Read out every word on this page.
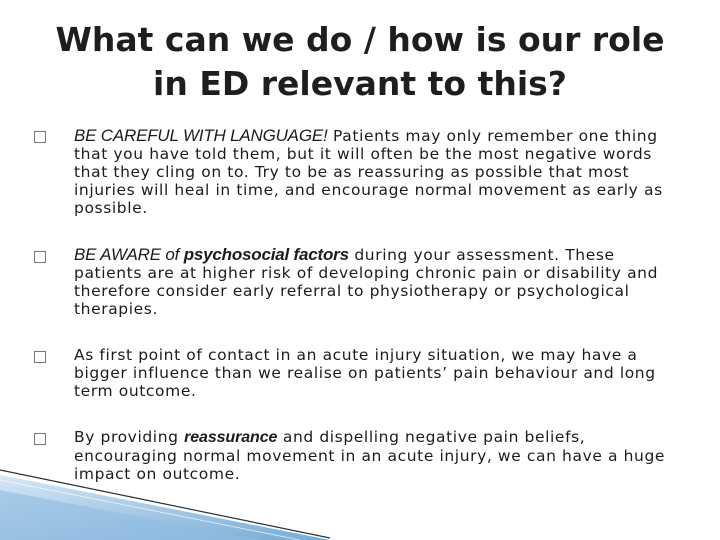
What can we do / how is our role
in ED relevant to this?
BE CAREFUL WITH LANGUAGE! Patients may only remember one thing that you have told them, but it will often be the most negative words that they cling on to. Try to be as reassuring as possible that most injuries will heal in time, and encourage normal movement as early as possible.
BE AWARE of psychosocial factors during your assessment. These patients are at higher risk of developing chronic pain or disability and therefore consider early referral to physiotherapy or psychological therapies.
As first point of contact in an acute injury situation, we may have a bigger influence than we realise on patients’ pain behaviour and long term outcome.
By providing reassurance and dispelling negative pain beliefs, encouraging normal movement in an acute injury, we can have a huge impact on outcome.
